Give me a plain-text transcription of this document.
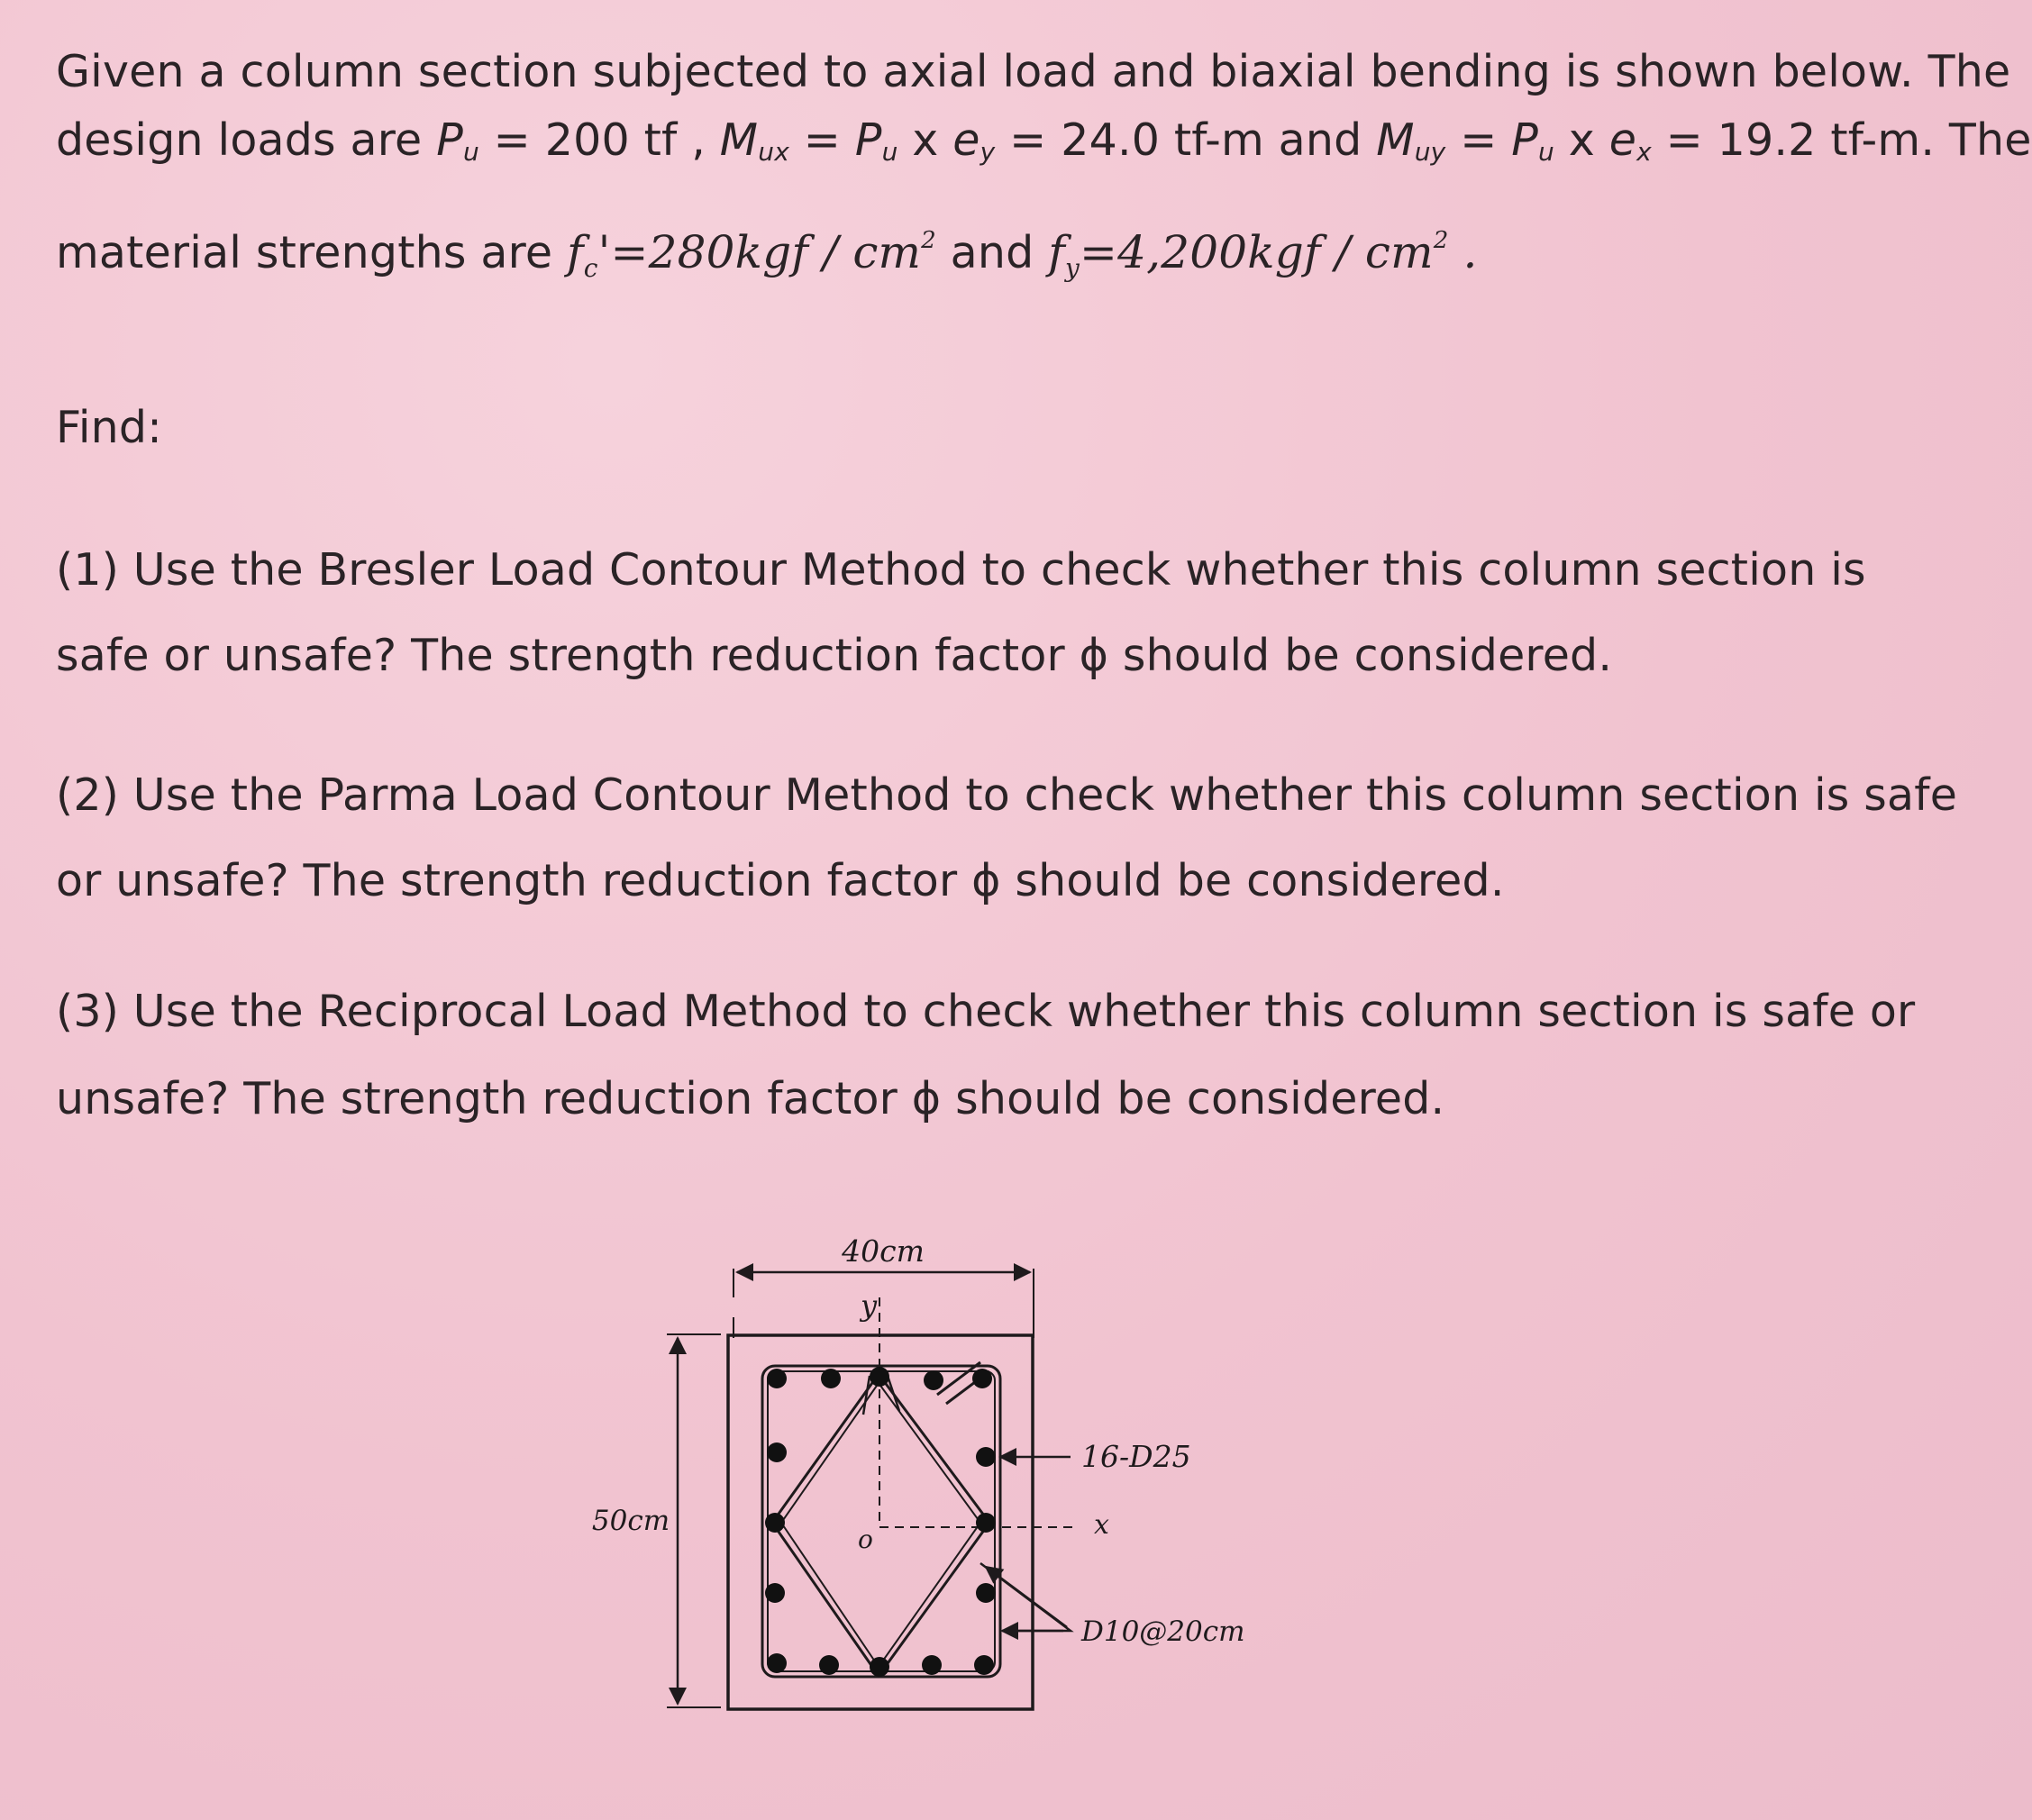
Given a column section subjected to axial load and biaxial bending is shown below. The
design loads are $P_u = 200$ tf , $M_{ux} = P_u$ x $e_y = 24.0$ tf-m and $M_{uy} = P_u$ x $e_x = 19.2$ tf-m. The
material strengths are $f_c'=280kgf / cm^2$ and $f_y=4,200kgf / cm^2$ .
Find:
(1) Use the Bresler Load Contour Method to check whether this column section is
safe or unsafe? The strength reduction factor ϕ should be considered.
(2) Use the Parma Load Contour Method to check whether this column section is safe
or unsafe? The strength reduction factor ϕ should be considered.
(3) Use the Reciprocal Load Method to check whether this column section is safe or
unsafe? The strength reduction factor ϕ should be considered.
40cm
50cm
y
x
o
16-D25
D10@20cm
